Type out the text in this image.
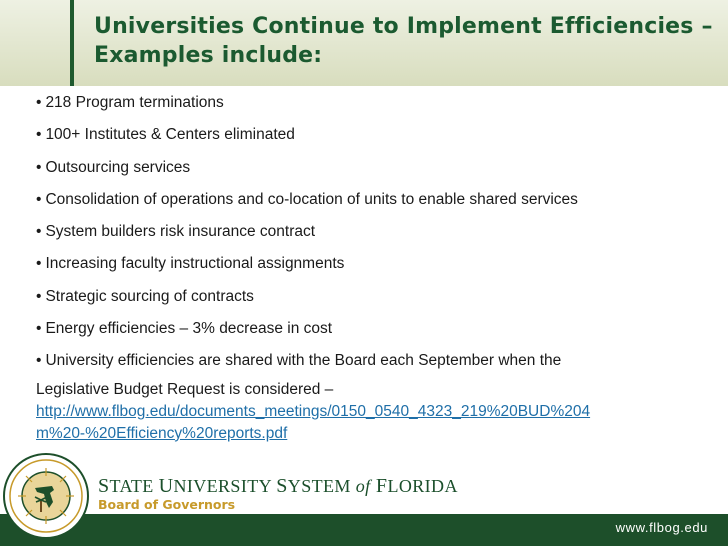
Universities Continue to Implement Efficiencies –
Examples include:
• 218 Program terminations
• 100+ Institutes & Centers eliminated
• Outsourcing services
• Consolidation of operations and co-location of units to enable shared services
• System builders risk insurance contract
• Increasing faculty instructional assignments
• Strategic sourcing of contracts
• Energy efficiencies – 3% decrease in cost
• University efficiencies are shared with the Board each September when the
Legislative Budget Request is considered –
http://www.flbog.edu/documents_meetings/0150_0540_4323_219%20BUD%204
m%20-%20Efficiency%20reports.pdf
STATE UNIVERSITY SYSTEM of FLORIDA
Board of Governors
www.flbog.edu
